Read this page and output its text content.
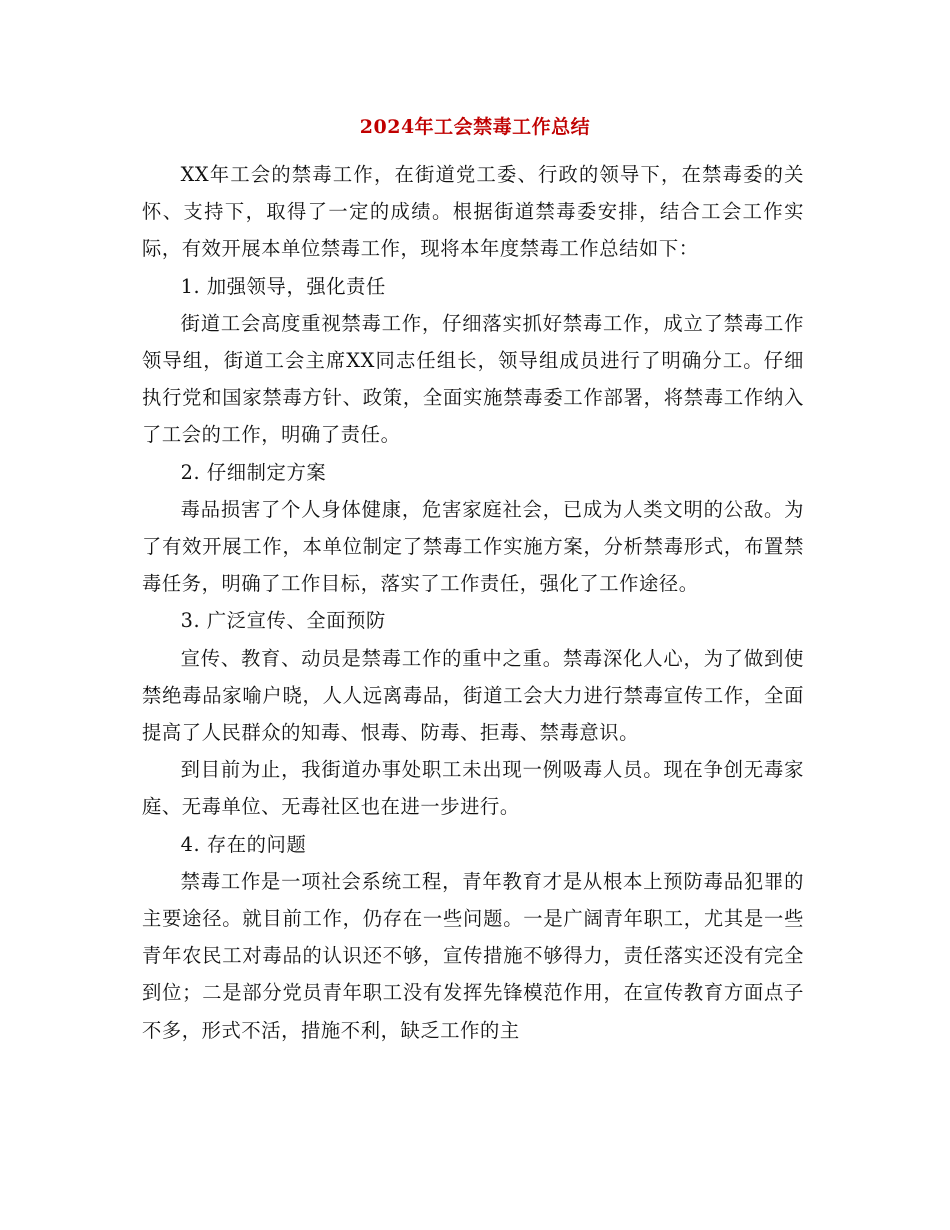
2024年工会禁毒工作总结

XX年工会的禁毒工作，在街道党工委、行政的领导下，在禁毒委的关怀、支持下，取得了一定的成绩。根据街道禁毒委安排，结合工会工作实际，有效开展本单位禁毒工作，现将本年度禁毒工作总结如下：

1. 加强领导，强化责任

街道工会高度重视禁毒工作，仔细落实抓好禁毒工作，成立了禁毒工作领导组，街道工会主席XX同志任组长，领导组成员进行了明确分工。仔细执行党和国家禁毒方针、政策，全面实施禁毒委工作部署，将禁毒工作纳入了工会的工作，明确了责任。

2. 仔细制定方案

毒品损害了个人身体健康，危害家庭社会，已成为人类文明的公敌。为了有效开展工作，本单位制定了禁毒工作实施方案，分析禁毒形式，布置禁毒任务，明确了工作目标，落实了工作责任，强化了工作途径。

3. 广泛宣传、全面预防

宣传、教育、动员是禁毒工作的重中之重。禁毒深化人心，为了做到使禁绝毒品家喻户晓，人人远离毒品，街道工会大力进行禁毒宣传工作，全面提高了人民群众的知毒、恨毒、防毒、拒毒、禁毒意识。

到目前为止，我街道办事处职工未出现一例吸毒人员。现在争创无毒家庭、无毒单位、无毒社区也在进一步进行。

4. 存在的问题

禁毒工作是一项社会系统工程，青年教育才是从根本上预防毒品犯罪的主要途径。就目前工作，仍存在一些问题。一是广阔青年职工，尤其是一些青年农民工对毒品的认识还不够，宣传措施不够得力，责任落实还没有完全到位；二是部分党员青年职工没有发挥先锋模范作用，在宣传教育方面点子不多，形式不活，措施不利，缺乏工作的主
